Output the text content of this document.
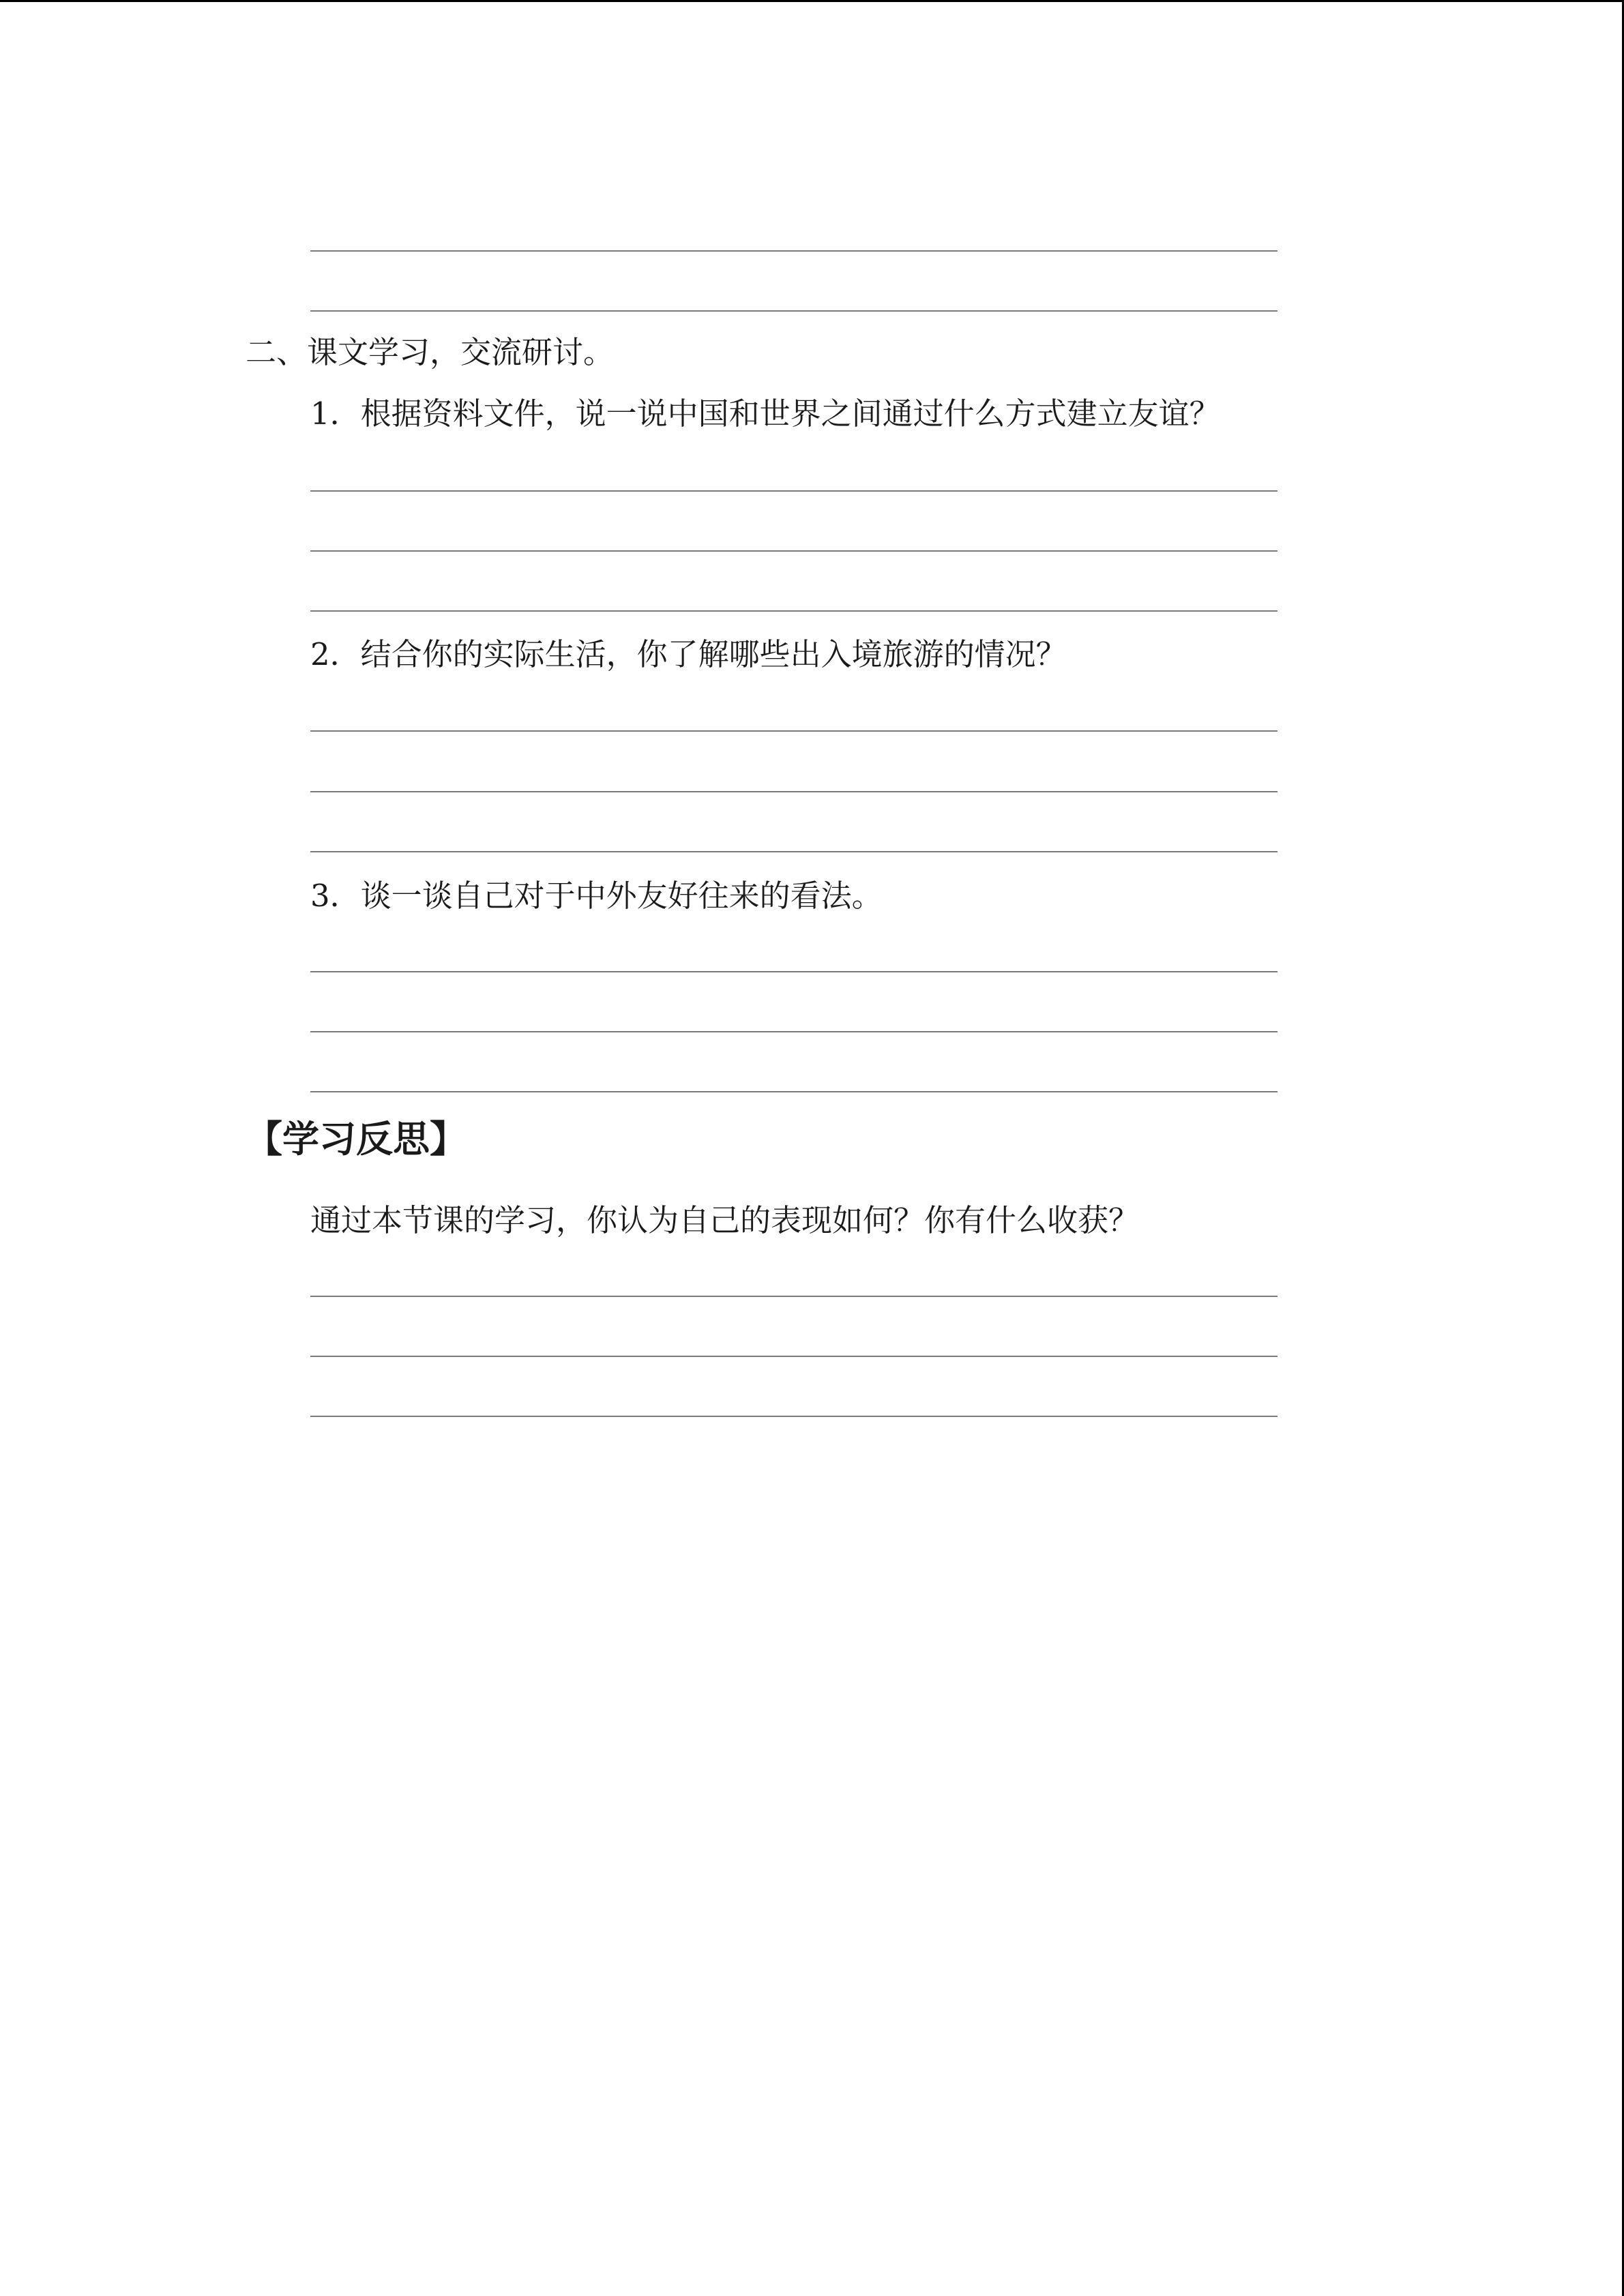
二、课文学习，交流研讨。
1．根据资料文件，说一说中国和世界之间通过什么方式建立友谊？
2．结合你的实际生活，你了解哪些出入境旅游的情况？
3．谈一谈自己对于中外友好往来的看法。
【学习反思】
通过本节课的学习，你认为自己的表现如何？你有什么收获？
